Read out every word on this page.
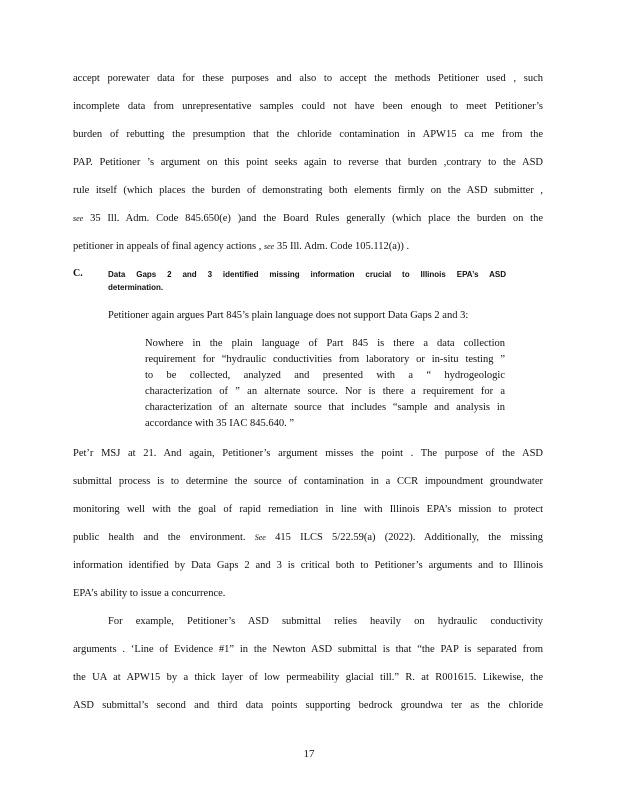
accept porewater data for these purposes and also to accept the methods Petitioner used , such
incomplete data from unrepresentative samples could not have been enough to meet Petitioner’s
burden of rebutting the presumption that the chloride contamination in APW15 ca me from the
PAP. Petitioner ’s argument on this point seeks again to reverse that burden ,contrary to the ASD
rule itself (which places the burden of demonstrating both elements firmly on the ASD submitter ,
see 35 Ill. Adm. Code 845.650(e) )and the Board Rules generally (which place the burden on the
petitioner in appeals of final agency actions , see 35 Ill. Adm. Code 105.112(a)) .
C.	Data Gaps 2 and 3 identified missing information crucial to Illinois EPA’s ASD
determination.
Petitioner again argues Part 845’s plain language does not support Data Gaps 2 and 3:
Nowhere in the plain language of Part 845 is there a data collection
requirement for “hydraulic conductivities from laboratory or in-situ testing ”
to be collected, analyzed and presented with a “ hydrogeologic
characterization of ” an alternate source. Nor is there a requirement for a
characterization of an alternate source that includes “sample and analysis in
accordance with 35 IAC 845.640. ”
Pet’r MSJ at 21. And again, Petitioner’s argument misses the point . The purpose of the ASD
submittal process is to determine the source of contamination in a CCR impoundment groundwater
monitoring well with the goal of rapid remediation in line with Illinois EPA’s mission to protect
public health and the environment. See 415 ILCS 5/22.59(a) (2022). Additionally, the missing
information identified by Data Gaps 2 and 3 is critical both to Petitioner’s arguments and to Illinois
EPA’s ability to issue a concurrence.
For example, Petitioner’s ASD submittal relies heavily on hydraulic conductivity
arguments . ‘Line of Evidence #1” in the Newton ASD submittal is that “the PAP is separated from
the UA at APW15 by a thick layer of low permeability glacial till.” R. at R001615. Likewise, the
ASD submittal’s second and third data points supporting bedrock groundwa ter as the chloride
17
